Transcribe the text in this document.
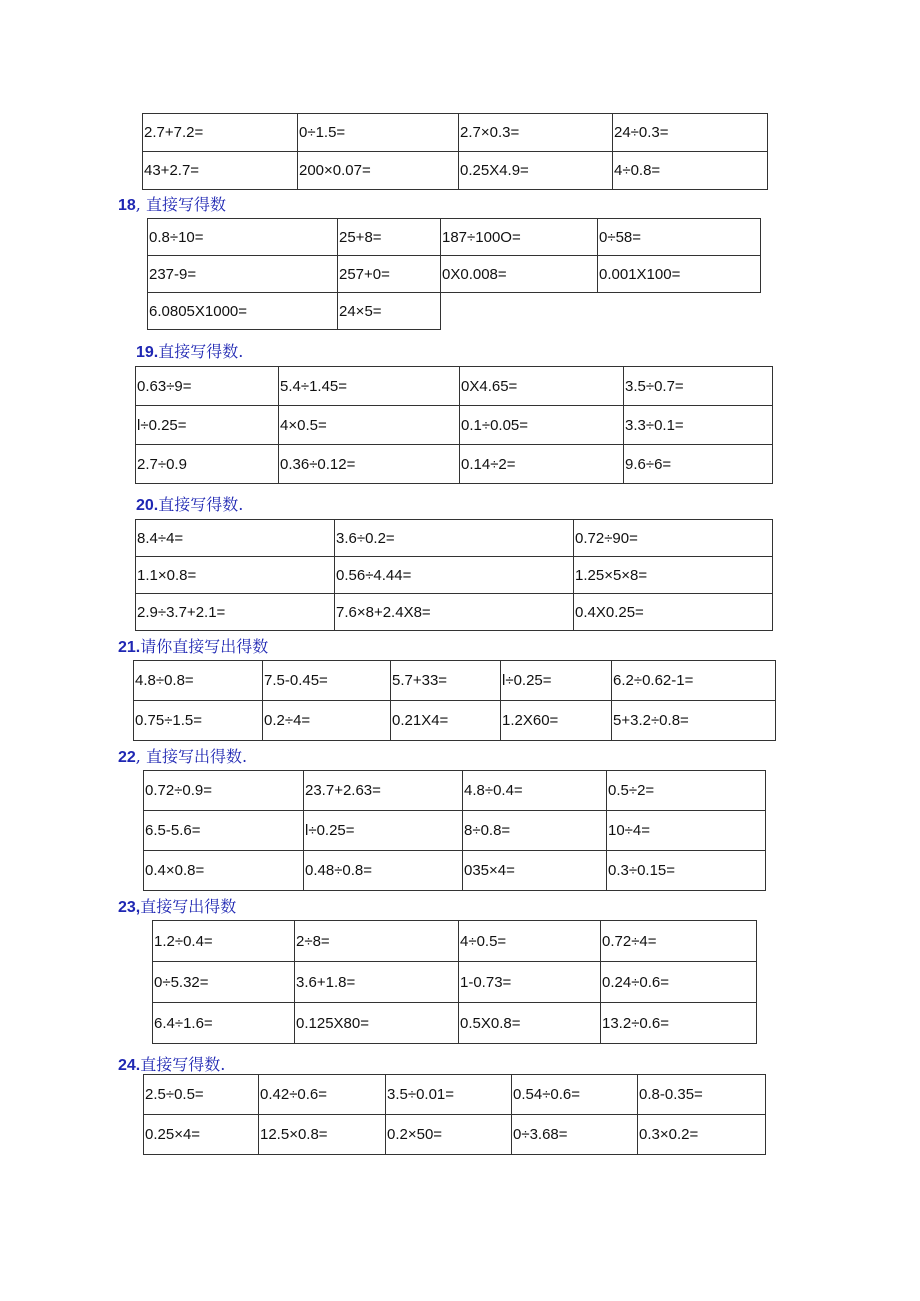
2.7+7.2=	0÷1.5=	2.7×0.3=	24÷0.3=
43+2.7=	200×0.07=	0.25X4.9=	4÷0.8=
18, 直接写得数
0.8÷10=	25+8=	187÷100O=	0÷58=
237-9=	257+0=	0X0.008=	0.001X100=
6.0805X1000=	24×5=
19.直接写得数.
0.63÷9=	5.4÷1.45=	0X4.65=	3.5÷0.7=
l÷0.25=	4×0.5=	0.1÷0.05=	3.3÷0.1=
2.7÷0.9	0.36÷0.12=	0.14÷2=	9.6÷6=
20.直接写得数.
8.4÷4=	3.6÷0.2=	0.72÷90=
1.1×0.8=	0.56÷4.44=	1.25×5×8=
2.9÷3.7+2.1=	7.6×8+2.4X8=	0.4X0.25=
21.请你直接写出得数
4.8÷0.8=	7.5-0.45=	5.7+33=	l÷0.25=	6.2÷0.62-1=
0.75÷1.5=	0.2÷4=	0.21X4=	1.2X60=	5+3.2÷0.8=
22, 直接写出得数.
0.72÷0.9=	23.7+2.63=	4.8÷0.4=	0.5÷2=
6.5-5.6=	l÷0.25=	8÷0.8=	10÷4=
0.4×0.8=	0.48÷0.8=	035×4=	0.3÷0.15=
23,直接写出得数
1.2÷0.4=	2÷8=	4÷0.5=	0.72÷4=
0÷5.32=	3.6+1.8=	1-0.73=	0.24÷0.6=
6.4÷1.6=	0.125X80=	0.5X0.8=	13.2÷0.6=
24.直接写得数.
2.5÷0.5=	0.42÷0.6=	3.5÷0.01=	0.54÷0.6=	0.8-0.35=
0.25×4=	12.5×0.8=	0.2×50=	0÷3.68=	0.3×0.2=
